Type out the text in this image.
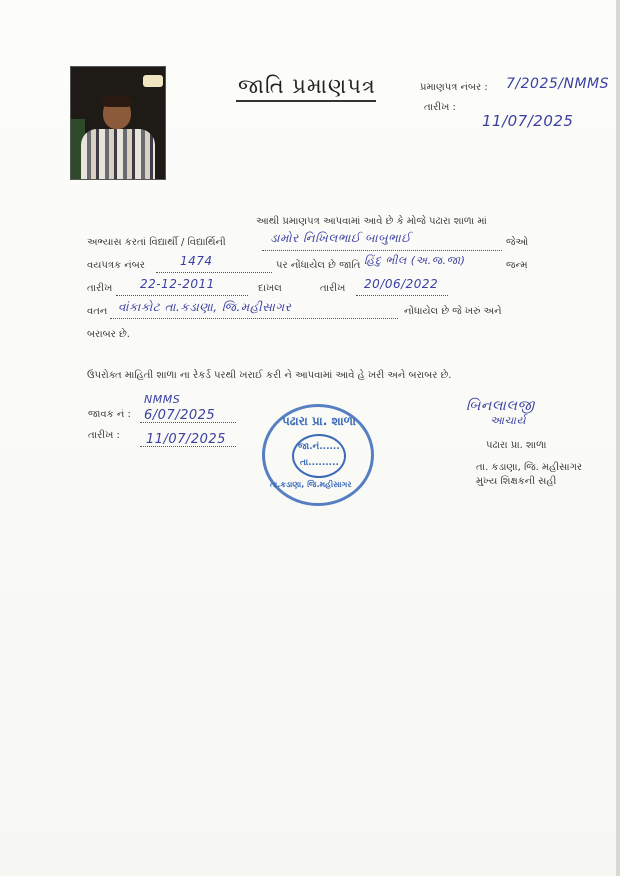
જાતિ પ્રમાણપત્ર	પ્રમાણપત્ર નંબર : 7/2025/NMMS
તારીખ :
11/07/2025
આથી પ્રમાણપત્ર આપવામાં આવે છે કે મોજે પઢારા શાળા માં
અભ્યાસ કરતાં વિદ્યાર્થી / વિદ્યાર્થિની	ડામોર નિખિલભાઈ બાબુભાઈ	જેઓ
વયપત્રક નંબર	1474	પર નોંધાયેલ છે જાતિ હિંદુ ભીલ (અ.જ.જા)	જન્મ
તારીખ 22-12-2011	દાખલ	તારીખ 20/06/2022
વતન વાંકાકોટ તા.કડાણા, જિ.મહીસાગર	નોંધાયેલ છે જે ખરું અને
બરાબર છે.
ઉપરોક્ત માહિતી શાળા ના રેકર્ડ પરથી ખરાઈ કરી ને આપવામાં આવે હે ખરી અને બરાબર છે.
NMMS
જાવક નં : 6/07/2025
તારીખ : 11/07/2025
પઢારા પ્રા. શાળા
જા.નં......
તા.........
તા.કડાણા, જિ.મહીસાગર
બિનલાલજી
આચાર્ય
પઢારા પ્રા. શાળા
તા. કડાણા, જિ. મહીસાગર
મુખ્ય શિક્ષકની સહી
